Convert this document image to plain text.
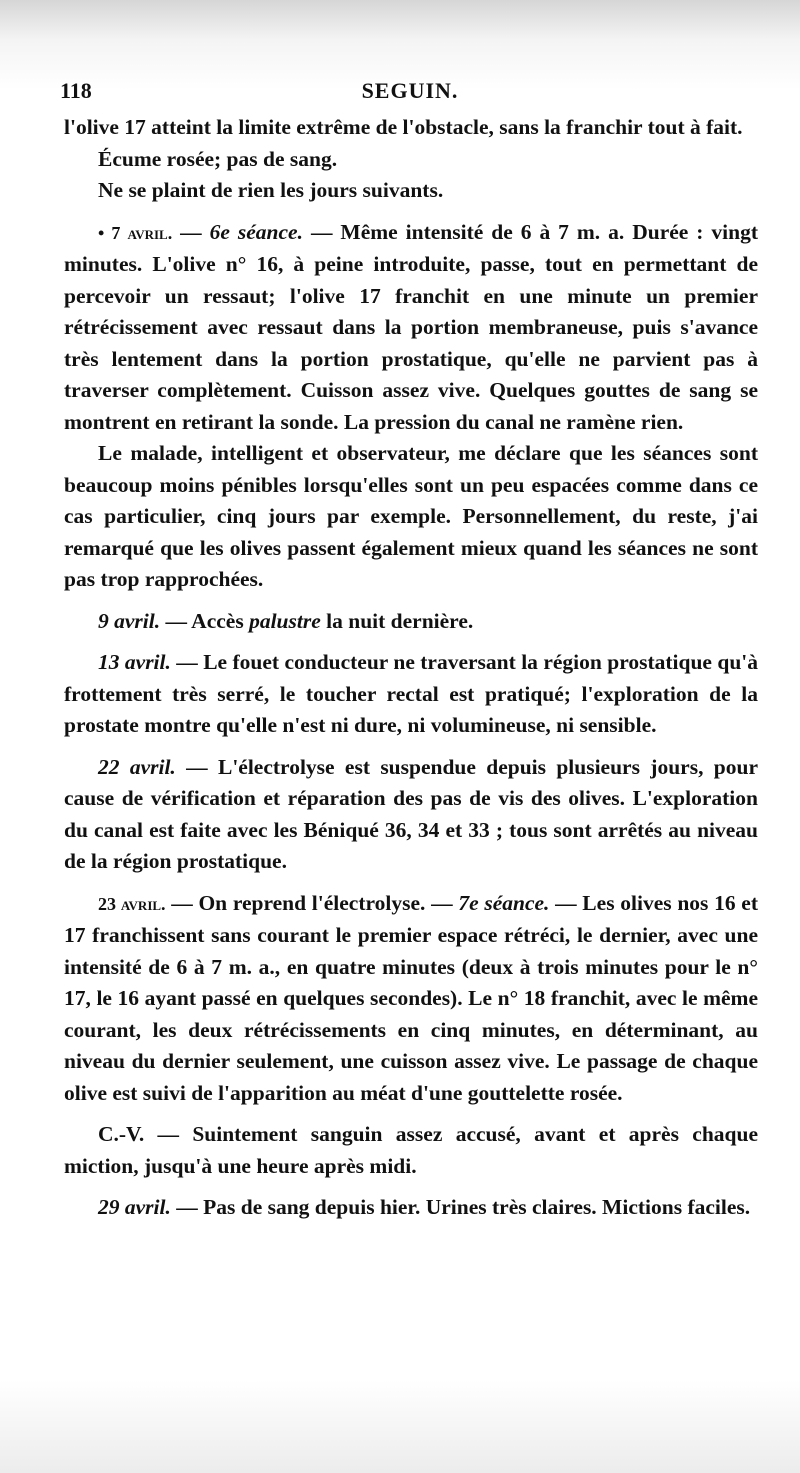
118	SEGUIN.

l'olive 17 atteint la limite extrême de l'obstacle, sans la franchir tout à fait.

Écume rosée; pas de sang.

Ne se plaint de rien les jours suivants.

• 7 avril. — 6e séance. — Même intensité de 6 à 7 m. a. Durée : vingt minutes. L'olive n° 16, à peine introduite, passe, tout en permettant de percevoir un ressaut; l'olive 17 franchit en une minute un premier rétrécissement avec ressaut dans la portion membraneuse, puis s'avance très lentement dans la portion prostatique, qu'elle ne parvient pas à traverser complètement. Cuisson assez vive. Quelques gouttes de sang se montrent en retirant la sonde. La pression du canal ne ramène rien.

Le malade, intelligent et observateur, me déclare que les séances sont beaucoup moins pénibles lorsqu'elles sont un peu espacées comme dans ce cas particulier, cinq jours par exemple. Personnellement, du reste, j'ai remarqué que les olives passent également mieux quand les séances ne sont pas trop rapprochées.

9 avril. — Accès palustre la nuit dernière.

13 avril. — Le fouet conducteur ne traversant la région prostatique qu'à frottement très serré, le toucher rectal est pratiqué; l'exploration de la prostate montre qu'elle n'est ni dure, ni volumineuse, ni sensible.

22 avril. — L'électrolyse est suspendue depuis plusieurs jours, pour cause de vérification et réparation des pas de vis des olives. L'exploration du canal est faite avec les Béniqué 36, 34 et 33 ; tous sont arrêtés au niveau de la région prostatique.

23 avril. — On reprend l'électrolyse. — 7e séance. — Les olives nos 16 et 17 franchissent sans courant le premier espace rétréci, le dernier, avec une intensité de 6 à 7 m. a., en quatre minutes (deux à trois minutes pour le n° 17, le 16 ayant passé en quelques secondes). Le n° 18 franchit, avec le même courant, les deux rétrécissements en cinq minutes, en déterminant, au niveau du dernier seulement, une cuisson assez vive. Le passage de chaque olive est suivi de l'apparition au méat d'une gouttelette rosée.

C.-V. — Suintement sanguin assez accusé, avant et après chaque miction, jusqu'à une heure après midi.

29 avril. — Pas de sang depuis hier. Urines très claires. Mictions faciles.
